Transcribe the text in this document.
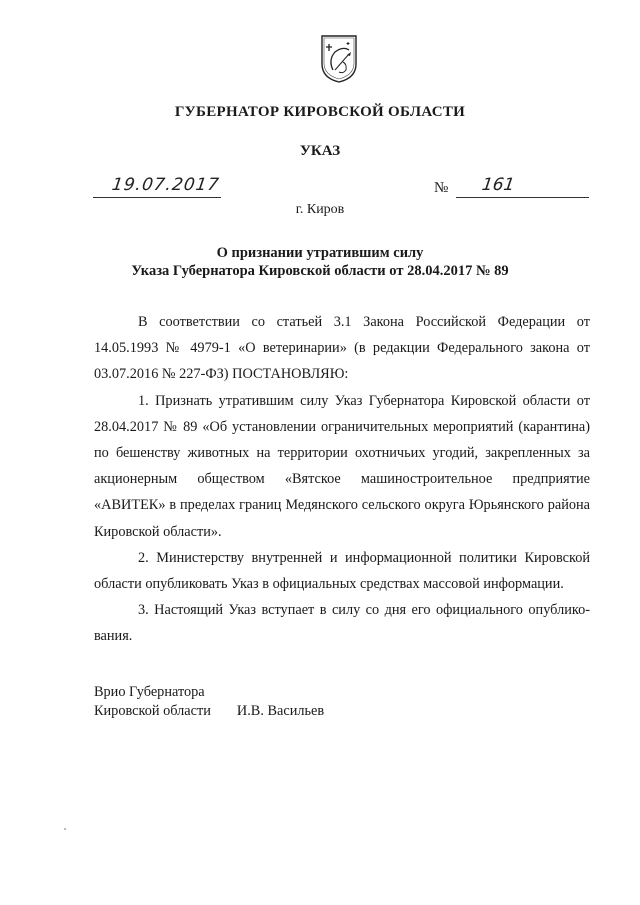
ГУБЕРНАТОР КИРОВСКОЙ ОБЛАСТИ
УКАЗ
19.07.2017	№ 161
г. Киров
О признании утратившим силу
Указа Губернатора Кировской области от 28.04.2017 № 89

В соответствии со статьей 3.1 Закона Российской Федерации от 14.05.1993 № 4979-1 «О ветеринарии» (в редакции Федерального закона от 03.07.2016 № 227-ФЗ) ПОСТАНОВЛЯЮ:

1. Признать утратившим силу Указ Губернатора Кировской области от 28.04.2017 № 89 «Об установлении ограничительных мероприятий (карантина) по бешенству животных на территории охотничьих угодий, закрепленных за акционерным обществом «Вятское машиностроительное предприятие «АВИТЕК» в пределах границ Медянского сельского округа Юрьянского района Кировской области».

2. Министерству внутренней и информационной политики Кировской области опубликовать Указ в официальных средствах массовой информации.

3. Настоящий Указ вступает в силу со дня его официального опубликования.

Врио Губернатора
Кировской области И.В. Васильев
